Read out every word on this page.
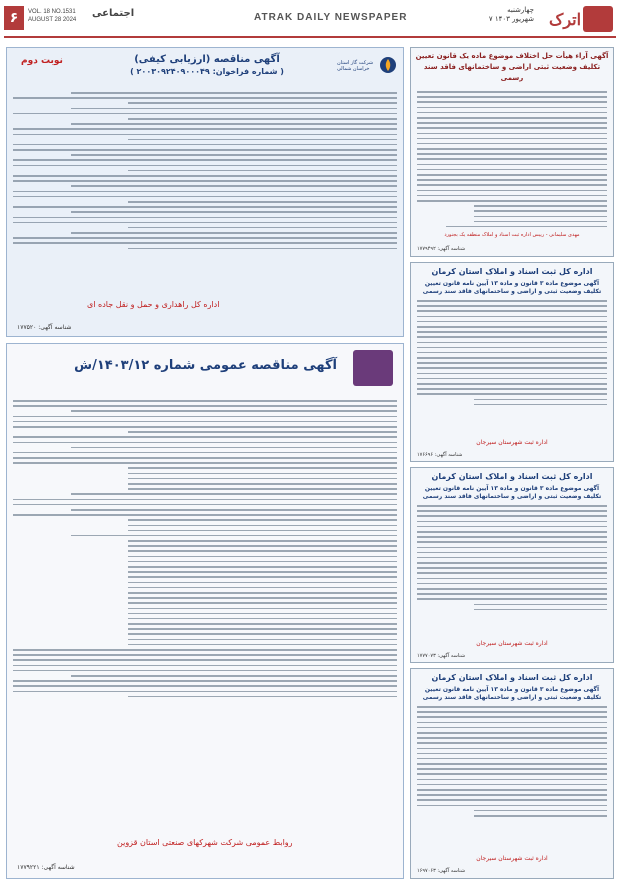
۶	VOL. 18 NO.1531
AUGUST 28 2024
اجتماعی	ATRAK DAILY NEWSPAPER
چهارشنبه
۷ شهریور ۱۴۰۳ اترک
شرکت گاز استان خراسان شمالی
نوبت دوم	آگهی مناقصه (ارزیابی کیفی)
( شماره فراخوان: ۲۰۰۳۰۹۲۴۰۹۰۰۰۴۹ )
اداره کل راهداری و حمل و نقل جاده ای
شناسه آگهی: ۱۷۷۵۲۰
آگهی مناقصه عمومی شماره ۱۴۰۳/۱۲/ش
روابط عمومی شرکت شهرکهای صنعتی استان قزوین
شناسه آگهی: ۱۷۷۹۲۲۱
آگهی آراء هیأت حل اختلاف موضوع ماده یک قانون تعیین تکلیف وضعیت ثبتی اراضی و ساختمانهای فاقد سند رسمی
مهدی سلیمانی - رییس اداره ثبت اسناد و املاک منطقه یک بجنورد
شناسه آگهی: ۱۷۷۹۴۹۲
اداره کل ثبت اسناد و املاک استان کرمان
آگهی موضوع ماده ۳ قانون و ماده ۱۳ آیین نامه قانون تعیین تکلیف وضعیت ثبتی و اراضی و ساختمانهای فاقد سند رسمی
اداره ثبت شهرستان سیرجان
شناسه آگهی: ۱۷۶۶۹۶
اداره کل ثبت اسناد و املاک استان کرمان
آگهی موضوع ماده ۳ قانون و ماده ۱۳ آیین نامه قانون تعیین تکلیف وضعیت ثبتی و اراضی و ساختمانهای فاقد سند رسمی
اداره ثبت شهرستان سیرجان
شناسه آگهی: ۱۷۷۷۰۷۳
اداره کل ثبت اسناد و املاک استان کرمان
آگهی موضوع ماده ۳ قانون و ماده ۱۳ آیین نامه قانون تعیین تکلیف وضعیت ثبتی و اراضی و ساختمانهای فاقد سند رسمی
اداره ثبت شهرستان سیرجان
شناسه آگهی: ۱۶۹۷۰۶۳
